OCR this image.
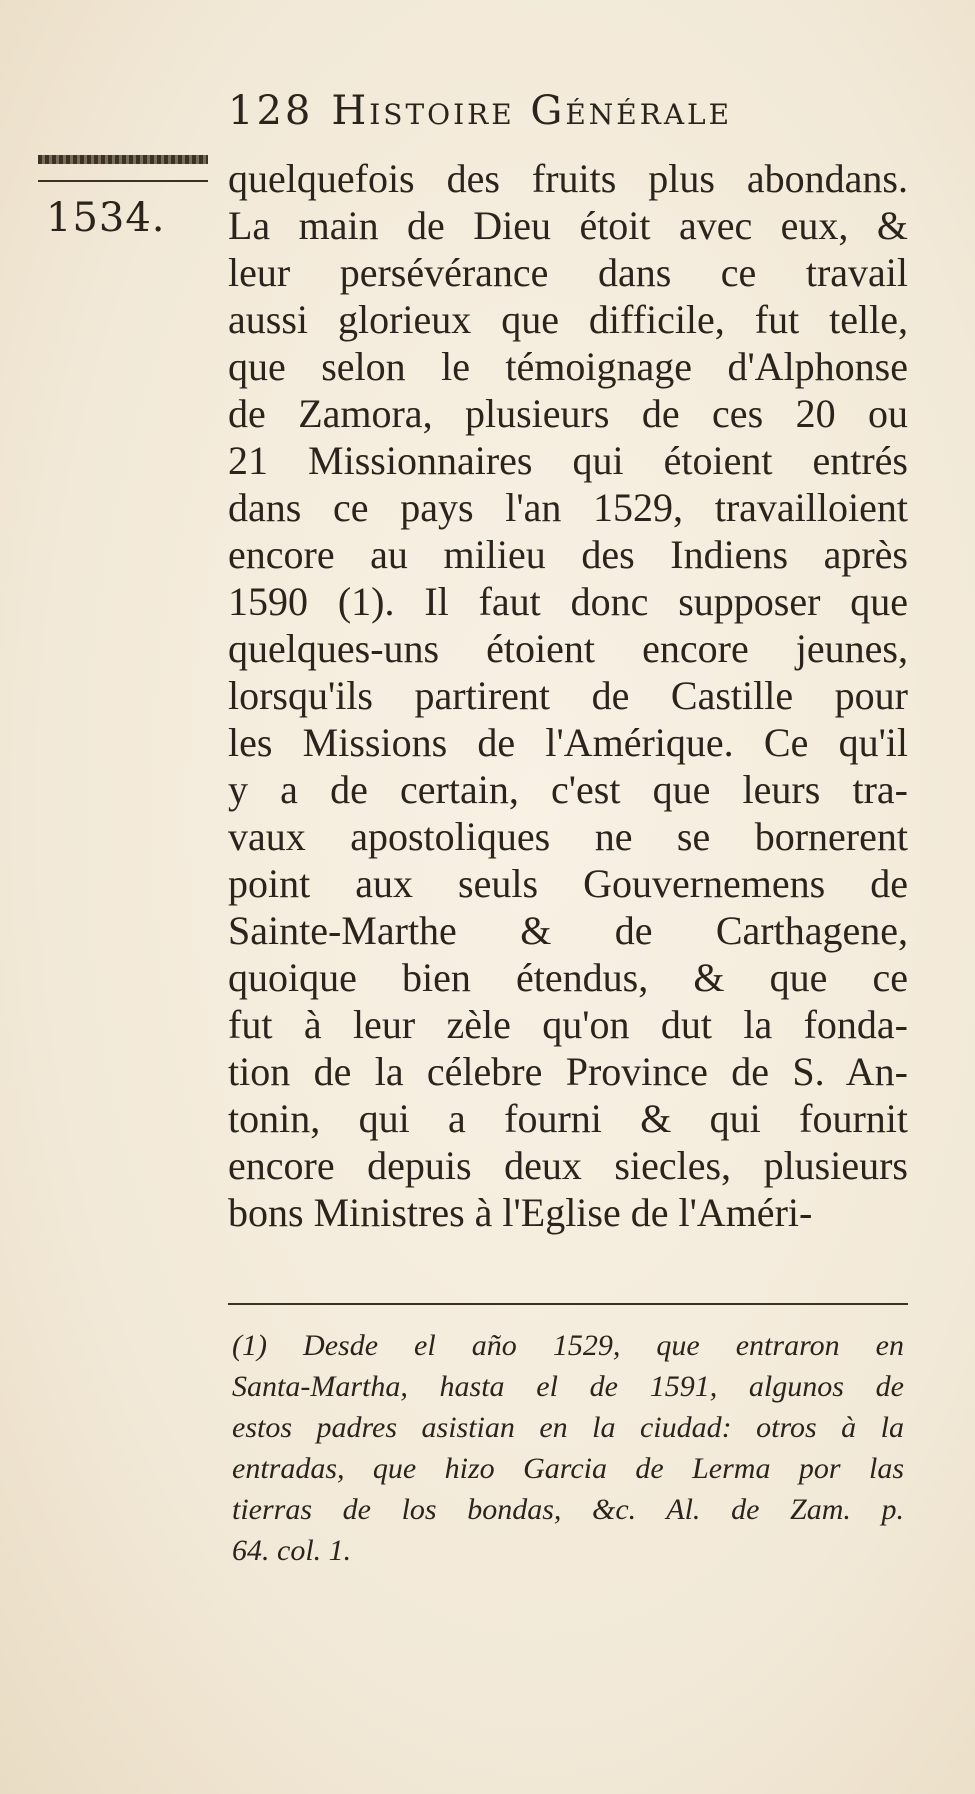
128 Histoire Générale
1534.
quelquefois des fruits plus abondans.
La main de Dieu étoit avec eux, &
leur persévérance dans ce travail
aussi glorieux que difficile, fut telle,
que selon le témoignage d'Alphonse
de Zamora, plusieurs de ces 20 ou
21 Missionnaires qui étoient entrés
dans ce pays l'an 1529, travailloient
encore au milieu des Indiens après
1590 (1). Il faut donc supposer que
quelques-uns étoient encore jeunes,
lorsqu'ils partirent de Castille pour
les Missions de l'Amérique. Ce qu'il
y a de certain, c'est que leurs tra-
vaux apostoliques ne se bornerent
point aux seuls Gouvernemens de
Sainte-Marthe & de Carthagene,
quoique bien étendus, & que ce
fut à leur zèle qu'on dut la fonda-
tion de la célebre Province de S. An-
tonin, qui a fourni & qui fournit
encore depuis deux siecles, plusieurs
bons Ministres à l'Eglise de l'Améri-
(1) Desde el año 1529, que entraron en
Santa-Martha, hasta el de 1591, algunos de
estos padres asistian en la ciudad: otros à la
entradas, que hizo Garcia de Lerma por las
tierras de los bondas, &c. Al. de Zam. p.
64. col. 1.
